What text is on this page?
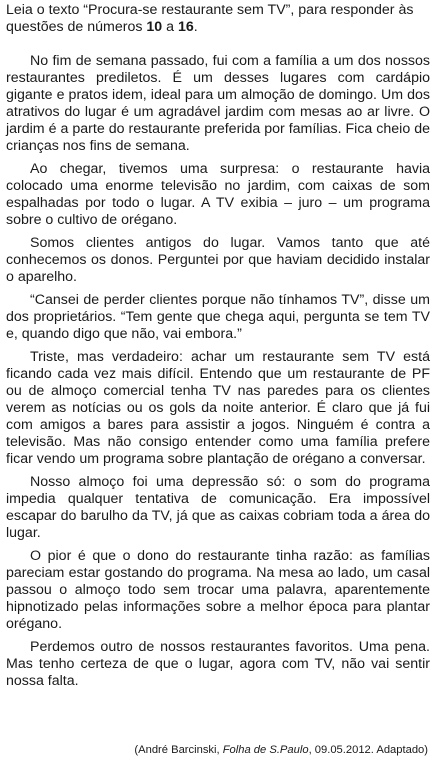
Leia o texto “Procura-se restaurante sem TV”, para responder às questões de números 10 a 16.

No fim de semana passado, fui com a família a um dos nossos restaurantes prediletos. É um desses lugares com cardápio gigante e pratos idem, ideal para um almoção de domingo. Um dos atrativos do lugar é um agradável jardim com mesas ao ar livre. O jardim é a parte do restaurante preferida por famílias. Fica cheio de crianças nos fins de semana.

Ao chegar, tivemos uma surpresa: o restaurante havia colocado uma enorme televisão no jardim, com caixas de som espalhadas por todo o lugar. A TV exibia – juro – um programa sobre o cultivo de orégano.

Somos clientes antigos do lugar. Vamos tanto que até conhecemos os donos. Perguntei por que haviam decidido instalar o aparelho.

“Cansei de perder clientes porque não tínhamos TV”, disse um dos proprietários. “Tem gente que chega aqui, pergunta se tem TV e, quando digo que não, vai embora.”

Triste, mas verdadeiro: achar um restaurante sem TV está ficando cada vez mais difícil. Entendo que um restaurante de PF ou de almoço comercial tenha TV nas paredes para os clientes verem as notícias ou os gols da noite anterior. É claro que já fui com amigos a bares para assistir a jogos. Ninguém é contra a televisão. Mas não consigo entender como uma família prefere ficar vendo um programa sobre plantação de orégano a conversar.

Nosso almoço foi uma depressão só: o som do programa impedia qualquer tentativa de comunicação. Era impossível escapar do barulho da TV, já que as caixas cobriam toda a área do lugar.

O pior é que o dono do restaurante tinha razão: as famílias pareciam estar gostando do programa. Na mesa ao lado, um casal passou o almoço todo sem trocar uma palavra, aparentemente hipnotizado pelas informações sobre a melhor época para plantar orégano.

Perdemos outro de nossos restaurantes favoritos. Uma pena. Mas tenho certeza de que o lugar, agora com TV, não vai sentir nossa falta.

(André Barcinski, Folha de S.Paulo, 09.05.2012. Adaptado)
